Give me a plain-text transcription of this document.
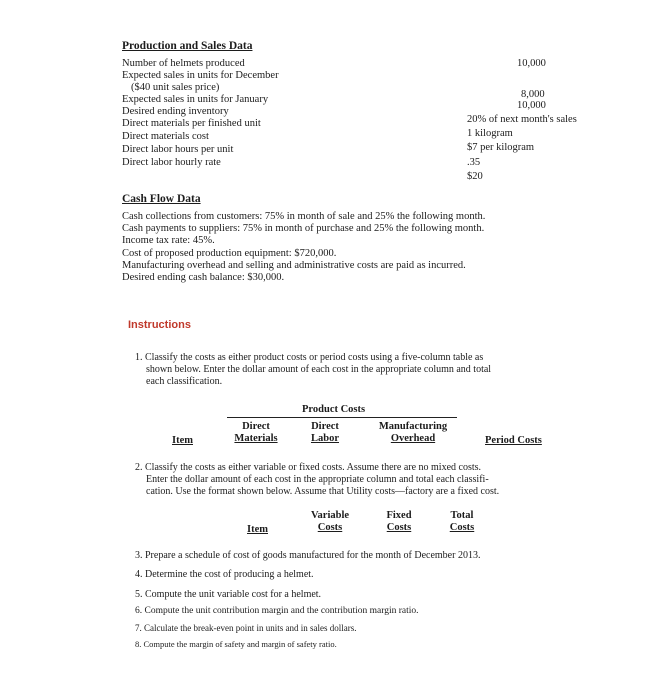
Production and Sales Data
Number of helmets produced	10,000
Expected sales in units for December
($40 unit sales price)
8,000
Expected sales in units for January
10,000
Desired ending inventory
20% of next month's sales
Direct materials per finished unit
1 kilogram
Direct materials cost
$7 per kilogram
Direct labor hours per unit
.35
Direct labor hourly rate
$20
Cash Flow Data
Cash collections from customers: 75% in month of sale and 25% the following month.
Cash payments to suppliers: 75% in month of purchase and 25% the following month.
Income tax rate: 45%.
Cost of proposed production equipment: $720,000.
Manufacturing overhead and selling and administrative costs are paid as incurred.
Desired ending cash balance: $30,000.
Instructions
1. Classify the costs as either product costs or period costs using a five-column table as
shown below. Enter the dollar amount of each cost in the appropriate column and total
each classification.
Product Costs
Direct
Materials
Direct
Labor
Manufacturing
Overhead
Item	Period Costs
2. Classify the costs as either variable or fixed costs. Assume there are no mixed costs.
Enter the dollar amount of each cost in the appropriate column and total each classifi-
cation. Use the format shown below. Assume that Utility costs—factory are a fixed cost.
Variable
Costs
Fixed
Costs
Total
Costs
Item
3. Prepare a schedule of cost of goods manufactured for the month of December 2013.
4. Determine the cost of producing a helmet.
5. Compute the unit variable cost for a helmet.
6. Compute the unit contribution margin and the contribution margin ratio.
7. Calculate the break-even point in units and in sales dollars.
8. Compute the margin of safety and margin of safety ratio.
